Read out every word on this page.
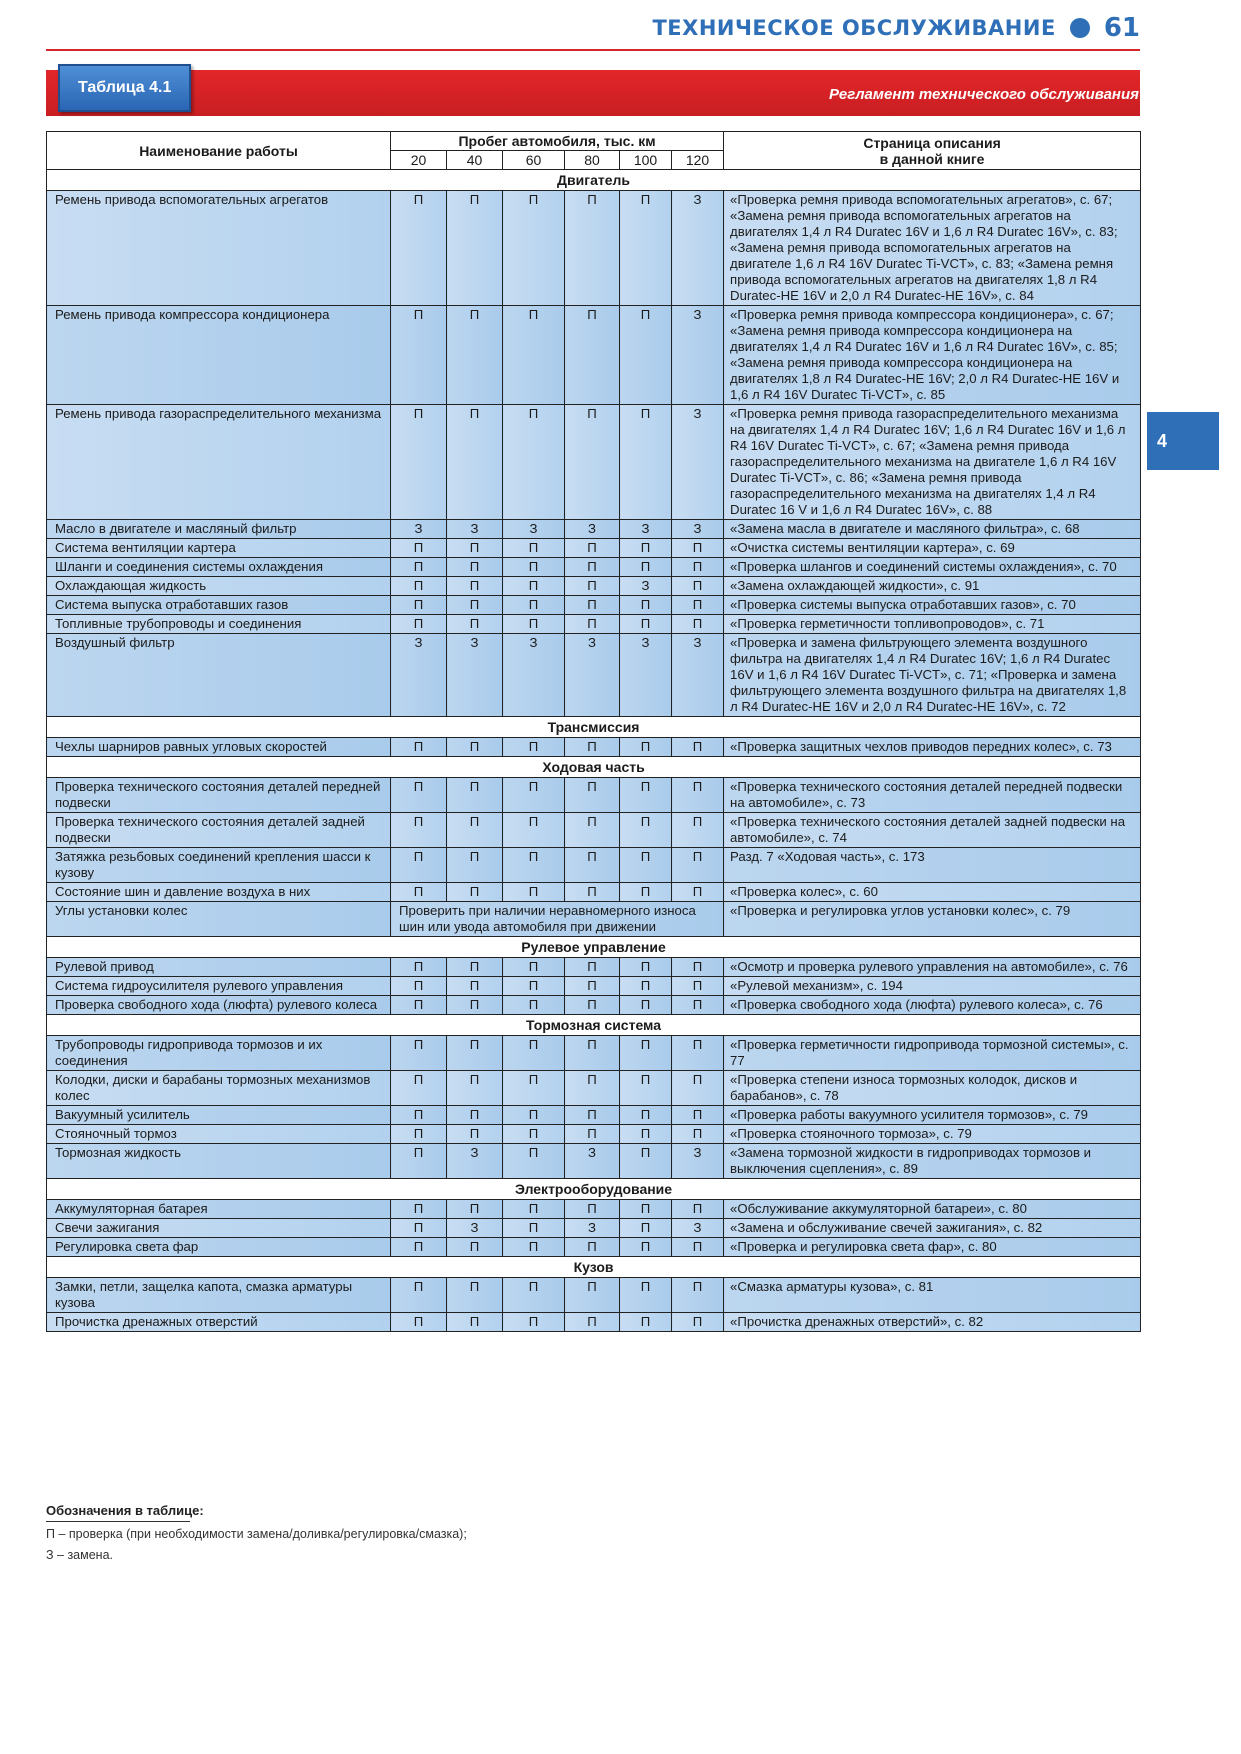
ТЕХНИЧЕСКОЕ ОБСЛУЖИВАНИЕ 61
Таблица 4.1	Регламент технического обслуживания
4
Наименование работы	Пробег автомобиля, тыс. км						Страница описания
в данной книге
	20	40	60	80	100	120	
Двигатель							
Ремень привода вспомогательных агрегатов	П	П	П	П	П	З	«Проверка ремня привода вспомогательных агрегатов», с. 67; «Замена ремня привода вспомогательных агрегатов на двигателях 1,4 л R4 Duratec 16V и 1,6 л R4 Duratec 16V», с. 83; «Замена ремня привода вспомогательных агрегатов на двигателе 1,6 л R4 16V Duratec Ti-VCT», с. 83; «Замена ремня привода вспомогательных агрегатов на двигателях 1,8 л R4 Duratec-HE 16V и 2,0 л R4 Duratec-HE 16V», с. 84
Ремень привода компрессора кондиционера	П	П	П	П	П	З	«Проверка ремня привода компрессора кондиционера», с. 67; «Замена ремня привода компрессора кондиционера на двигателях 1,4 л R4 Duratec 16V и 1,6 л R4 Duratec 16V», с. 85; «Замена ремня привода компрессора кондиционера на двигателях 1,8 л R4 Duratec-HE 16V; 2,0 л R4 Duratec-HE 16V и 1,6 л R4 16V Duratec Ti-VCT», с. 85
Ремень привода газораспределительного механизма	П	П	П	П	П	З	«Проверка ремня привода газораспределительного механизма на двигателях 1,4 л R4 Duratec 16V; 1,6 л R4 Duratec 16V и 1,6 л R4 16V Duratec Ti-VCT», с. 67; «Замена ремня привода газораспределительного механизма на двигателе 1,6 л R4 16V Duratec Ti-VCT», с. 86; «Замена ремня привода газораспределительного механизма на двигателях 1,4 л R4 Duratec 16 V и 1,6 л R4 Duratec 16V», с. 88
Масло в двигателе и масляный фильтр	З	З	З	З	З	З	«Замена масла в двигателе и масляного фильтра», с. 68
Система вентиляции картера	П	П	П	П	П	П	«Очистка системы вентиляции картера», с. 69
Шланги и соединения системы охлаждения	П	П	П	П	П	П	«Проверка шлангов и соединений системы охлаждения», с. 70
Охлаждающая жидкость	П	П	П	П	З	П	«Замена охлаждающей жидкости», с. 91
Система выпуска отработавших газов	П	П	П	П	П	П	«Проверка системы выпуска отработавших газов», с. 70
Топливные трубопроводы и соединения	П	П	П	П	П	П	«Проверка герметичности топливопроводов», с. 71
Воздушный фильтр	З	З	З	З	З	З	«Проверка и замена фильтрующего элемента воздушного фильтра на двигателях 1,4 л R4 Duratec 16V; 1,6 л R4 Duratec 16V и 1,6 л R4 16V Duratec Ti-VCT», с. 71; «Проверка и замена фильтрующего элемента воздушного фильтра на двигателях 1,8 л R4 Duratec-HE 16V и 2,0 л R4 Duratec-HE 16V», с. 72
Трансмиссия							
Чехлы шарниров равных угловых скоростей	П	П	П	П	П	П	«Проверка защитных чехлов приводов передних колес», с. 73
Ходовая часть							
Проверка технического состояния деталей передней подвески	П	П	П	П	П	П	«Проверка технического состояния деталей передней подвески на автомобиле», с. 73
Проверка технического состояния деталей задней подвески	П	П	П	П	П	П	«Проверка технического состояния деталей задней подвески на автомобиле», с. 74
Затяжка резьбовых соединений крепления шасси к кузову	П	П	П	П	П	П	Разд. 7 «Ходовая часть», с. 173
Состояние шин и давление воздуха в них	П	П	П	П	П	П	«Проверка колес», с. 60
Углы установки колес	Проверить при наличии неравномерного износа шин или увода автомобиля при движении						«Проверка и регулировка углов установки колес», с. 79
Рулевое управление							
Рулевой привод	П	П	П	П	П	П	«Осмотр и проверка рулевого управления на автомобиле», с. 76
Система гидроусилителя рулевого управления	П	П	П	П	П	П	«Рулевой механизм», с. 194
Проверка свободного хода (люфта) рулевого колеса	П	П	П	П	П	П	«Проверка свободного хода (люфта) рулевого колеса», с. 76
Тормозная система							
Трубопроводы гидропривода тормозов и их соединения	П	П	П	П	П	П	«Проверка герметичности гидропривода тормозной системы», с. 77
Колодки, диски и барабаны тормозных механизмов колес	П	П	П	П	П	П	«Проверка степени износа тормозных колодок, дисков и барабанов», с. 78
Вакуумный усилитель	П	П	П	П	П	П	«Проверка работы вакуумного усилителя тормозов», с. 79
Стояночный тормоз	П	П	П	П	П	П	«Проверка стояночного тормоза», с. 79
Тормозная жидкость	П	З	П	З	П	З	«Замена тормозной жидкости в гидроприводах тормозов и выключения сцепления», с. 89
Электрооборудование							
Аккумуляторная батарея	П	П	П	П	П	П	«Обслуживание аккумуляторной батареи», с. 80
Свечи зажигания	П	З	П	З	П	З	«Замена и обслуживание свечей зажигания», с. 82
Регулировка света фар	П	П	П	П	П	П	«Проверка и регулировка света фар», с. 80
Кузов							
Замки, петли, защелка капота, смазка арматуры кузова	П	П	П	П	П	П	«Смазка арматуры кузова», с. 81
Прочистка дренажных отверстий	П	П	П	П	П	П	«Прочистка дренажных отверстий», с. 82
Обозначения в таблице:
П – проверка (при необходимости замена/доливка/регулировка/смазка);
З – замена.
